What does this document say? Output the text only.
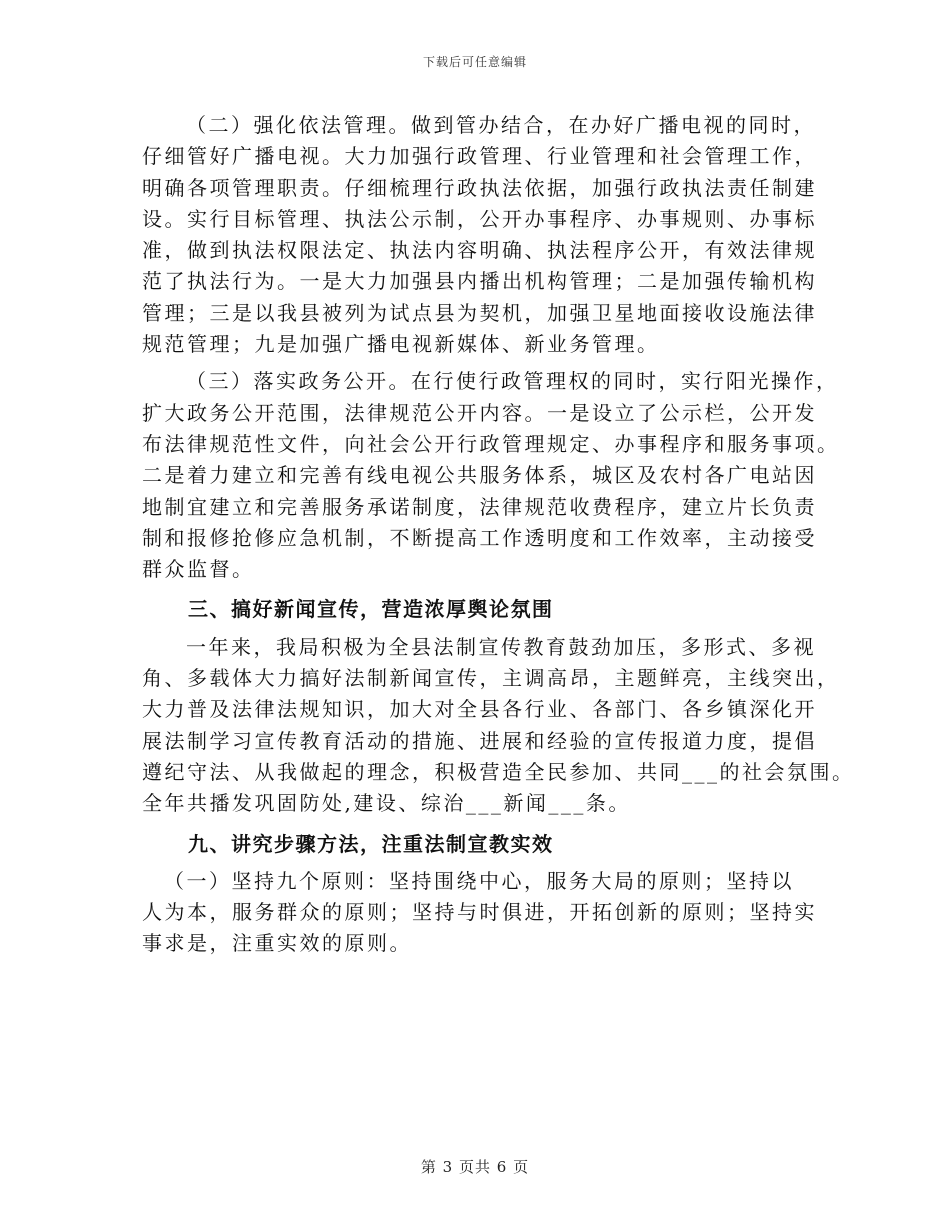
下载后可任意编辑
（二）强化依法管理。做到管办结合，在办好广播电视的同时，
仔细管好广播电视。大力加强行政管理、行业管理和社会管理工作，
明确各项管理职责。仔细梳理行政执法依据，加强行政执法责任制建
设。实行目标管理、执法公示制，公开办事程序、办事规则、办事标
准，做到执法权限法定、执法内容明确、执法程序公开，有效法律规
范了执法行为。一是大力加强县内播出机构管理；二是加强传输机构
管理；三是以我县被列为试点县为契机，加强卫星地面接收设施法律
规范管理；九是加强广播电视新媒体、新业务管理。
（三）落实政务公开。在行使行政管理权的同时，实行阳光操作，
扩大政务公开范围，法律规范公开内容。一是设立了公示栏，公开发
布法律规范性文件，向社会公开行政管理规定、办事程序和服务事项。
二是着力建立和完善有线电视公共服务体系，城区及农村各广电站因
地制宜建立和完善服务承诺制度，法律规范收费程序，建立片长负责
制和报修抢修应急机制，不断提高工作透明度和工作效率，主动接受
群众监督。
三、搞好新闻宣传，营造浓厚舆论氛围
一年来，我局积极为全县法制宣传教育鼓劲加压，多形式、多视
角、多载体大力搞好法制新闻宣传，主调高昂，主题鲜亮，主线突出，
大力普及法律法规知识，加大对全县各行业、各部门、各乡镇深化开
展法制学习宣传教育活动的措施、进展和经验的宣传报道力度，提倡
遵纪守法、从我做起的理念，积极营造全民参加、共同___的社会氛围。
全年共播发巩固防处,建设、综治___新闻___条。
九、讲究步骤方法，注重法制宣教实效
（一）坚持九个原则：坚持围绕中心，服务大局的原则；坚持以
人为本，服务群众的原则；坚持与时俱进，开拓创新的原则；坚持实
事求是，注重实效的原则。
第 3 页共 6 页
